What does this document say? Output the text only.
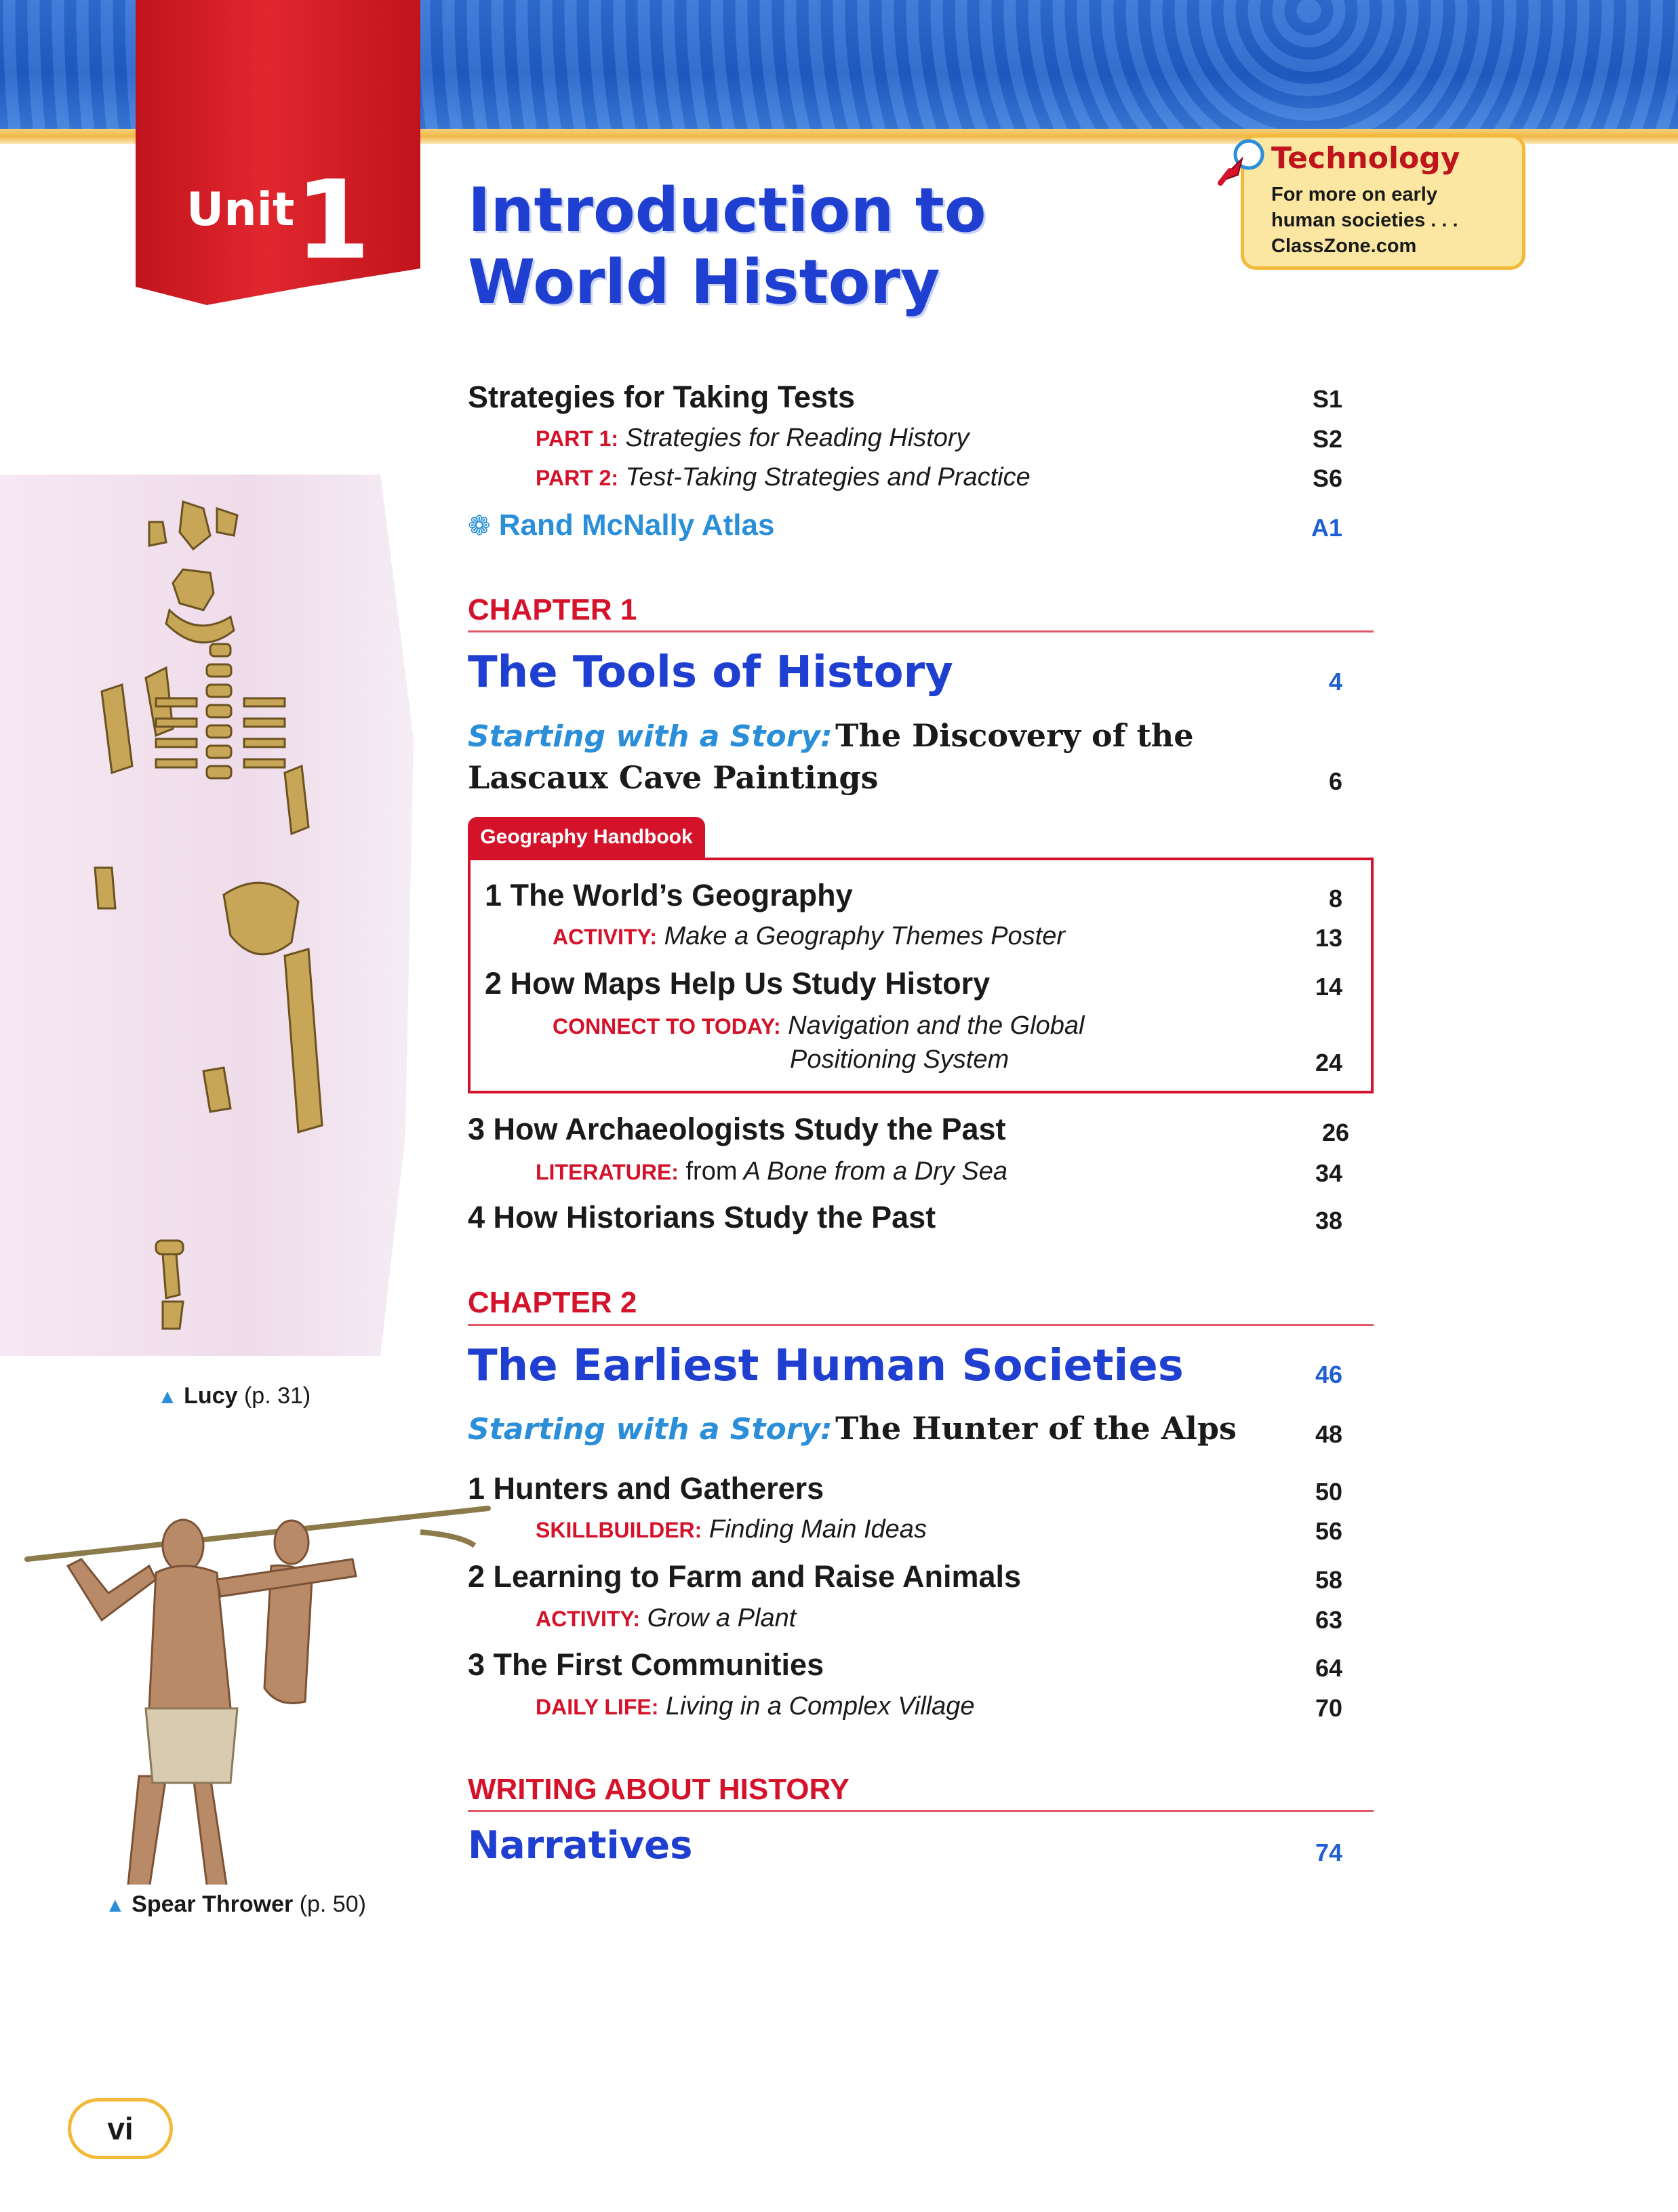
Unit 1 Introduction to
World History
Technology
For more on early
human societies . . .
ClassZone.com
▲ Lucy (p. 31)
▲ Spear Thrower (p. 50)
Strategies for Taking Tests	S1
PART 1: Strategies for Reading History	S2
PART 2: Test-Taking Strategies and Practice	S6
❁ Rand McNally Atlas	A1
CHAPTER 1
The Tools of History	4
Starting with a Story: The Discovery of the
Lascaux Cave Paintings	6
Geography Handbook
1 The World’s Geography	8
ACTIVITY: Make a Geography Themes Poster	13
2 How Maps Help Us Study History	14
CONNECT TO TODAY: Navigation and the Global
Positioning System	24
3 How Archaeologists Study the Past	26
LITERATURE: from A Bone from a Dry Sea	34
4 How Historians Study the Past	38
CHAPTER 2
The Earliest Human Societies	46
Starting with a Story: The Hunter of the Alps	48
1 Hunters and Gatherers	50
SKILLBUILDER: Finding Main Ideas	56
2 Learning to Farm and Raise Animals	58
ACTIVITY: Grow a Plant	63
3 The First Communities	64
DAILY LIFE: Living in a Complex Village	70
WRITING ABOUT HISTORY
Narratives	74
vi
